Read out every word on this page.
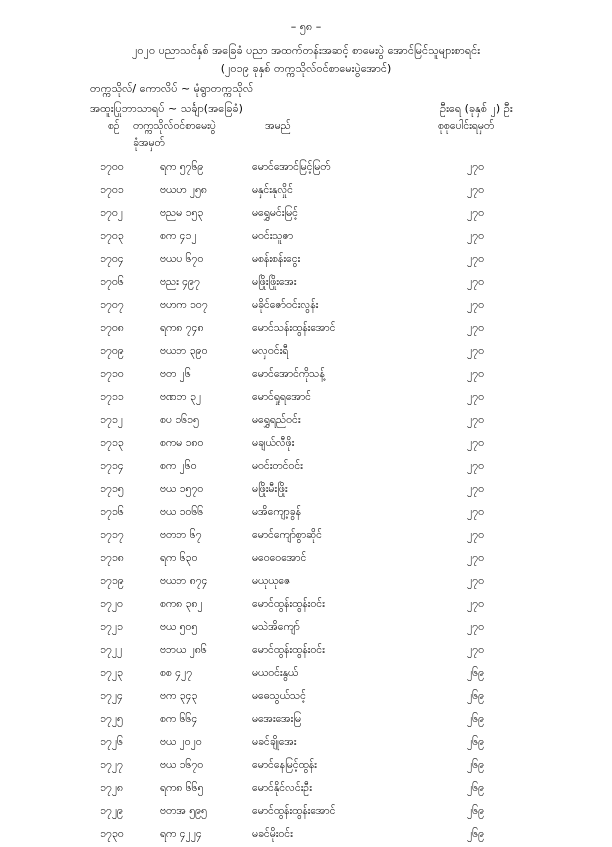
– ၅၈ –
၂၀၂၀ ပညာသင်နှစ် အခြေခံ ပညာ အထက်တန်းအဆင့် စာမေးပွဲ အောင်မြင်သူများစာရင်း
(၂၀၁၉ ခုနှစ် တက္ကသိုလ်ဝင်စာမေးပွဲအောင်)
တက္ကသိုလ်/ ကောလိပ် ~ မုံရွာတက္ကသိုလ်
အထူးပြုဘာသာရပ် ~ သင်္ချာ(အခြေခံ)	ဦးရေ (ခုနှစ် ၂) ဦး
စဉ် တက္ကသိုလ်ဝင်စာမေးပွဲ
ခုံအမှတ်
အမည်	စုစုပေါင်းရမှတ်
၁၇၀၀	ရက ၅၇၆၉	မောင်အောင်မြင့်မြတ်	၂၇၀
၁၇၀၁	ဗယဟ ၂၅၈	မနှင်းနုလှိုင်	၂၇၀
၁၇၀၂	ဗညမ ၁၅၃	မရွှေမင်းမြင့်	၂၇၀
၁၇၀၃	စက ၄၁၂	မဝင်းသူဇာ	၂၇၀
၁၇၀၄	ဗယပ ၆၇၀	မစန်းစန်းငွေး	၂၇၀
၁၇၀၆	ဗညး ၄၉၇	မဖြိုးဖြိုးအေး	၂၇၀
၁၇၀၇	ဗဟက ၁၀၇	မခိုင်ဇော်ဝင်းလွန်း	၂၇၀
၁၇၀၈	ရက၈ ၇၄၈	မောင်သန်းထွန်းအောင်	၂၇၀
၁၇၀၉	ဗယဘ ၃၉၀	မလှဝင်းရီ	၂၇၀
၁၇၁၀	ဗတ ၂၆	မောင်အောင်ကိုသန့်	၂၇၀
၁၇၁၁	ဗဏဘ ၃၂	မောင်ရှုရအောင်	၂၇၀
၁၇၁၂	စပ ၁၆၁၅	မရွှေရည်ဝင်း	၂၇၀
၁၇၁၃	စကမ ၁၈၀	မချယ်လီဖိုး	၂၇၀
၁၇၁၄	စက ၂၆၀	မဝင်းတင်ဝင်း	၂၇၀
၁၇၁၅	ဗယ ၁၅၇၀	မဖြိုးမီးဖြိုး	၂၇၀
၁၇၁၆	ဗယ ၁၀၆၆	မအိကျော့ခွန်	၂၇၀
၁၇၁၇	ဗတဘ ၆၇	မောင်ကျော်စွာဆိုင်	၂၇၀
၁၇၁၈	ရက ၆၃၀	မဝေဝေအောင်	၂၇၀
၁၇၁၉	ဗယဘ ၈၇၄	မယုယုဇေ	၂၇၀
၁၇၂၀	စက၈ ၃၈၂	မောင်ထွန်းထွန်းဝင်း	၂၇၀
၁၇၂၁	ဗယ ၅၀၅	မသဲအိကျော်	၂၇၀
၁၇၂၂	ဗဘယ ၂၈၆	မောင်ထွန်းထွန်းဝင်း	၂၇၀
၁၇၂၃	စစ ၄၂၇	မယဝင်းနွယ်	၂၆၉
၁၇၂၄	ဗက ၃၄၃	မဓေသွယ်သင့်	၂၆၉
၁၇၂၅	စက ၆၆၄	မအေးအေးမြ	၂၆၉
၁၇၂၆	ဗယ ၂၀၂၀	မခင်ချိုအေး	၂၆၉
၁၇၂၇	ဗယ ၁၆၇၀	မောင်နေမြင့်ထွန်း	၂၆၉
၁၇၂၈	ရက၈ ၆၆၅	မောင်နိုင်လင်းဦး	၂၆၉
၁၇၂၉	ဗတအ ၅၉၅	မောင်ထွန်းထွန်းအောင်	၂၆၉
၁၇၃၀	ရက ၄၂၂၄	မခင်မိုးဝင်း	၂၆၉
